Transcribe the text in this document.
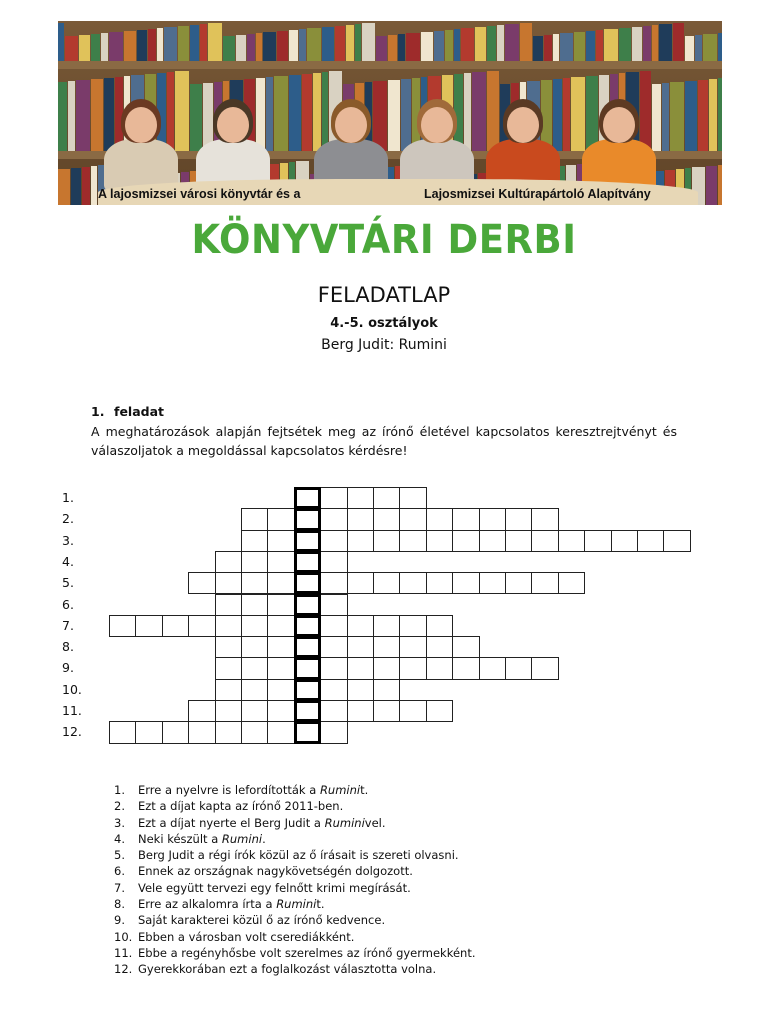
A lajosmizsei városi könyvtár és a	Lajosmizsei Kultúrapártoló Alapítvány
KÖNYVTÁRI DERBI
FELADATLAP
4.-5. osztályok
Berg Judit: Rumini
1. feladat
A meghatározások alapján fejtsétek meg az írónő életével kapcsolatos keresztrejtvényt és válaszoljatok a megoldással kapcsolatos kérdésre!
1.
2.
3.
4.
5.
6.
7.
8.
9.
10.
11.
12.
1. Erre a nyelvre is lefordították a Ruminit.
2. Ezt a díjat kapta az írónő 2011-ben.
3. Ezt a díjat nyerte el Berg Judit a Ruminivel.
4. Neki készült a Rumini.
5. Berg Judit a régi írók közül az ő írásait is szereti olvasni.
6. Ennek az országnak nagykövetségén dolgozott.
7. Vele együtt tervezi egy felnőtt krimi megírását.
8. Erre az alkalomra írta a Ruminit.
9. Saját karakterei közül ő az írónő kedvence.
10. Ebben a városban volt cserediákként.
11. Ebbe a regényhősbe volt szerelmes az írónő gyermekként.
12. Gyerekkorában ezt a foglalkozást választotta volna.
